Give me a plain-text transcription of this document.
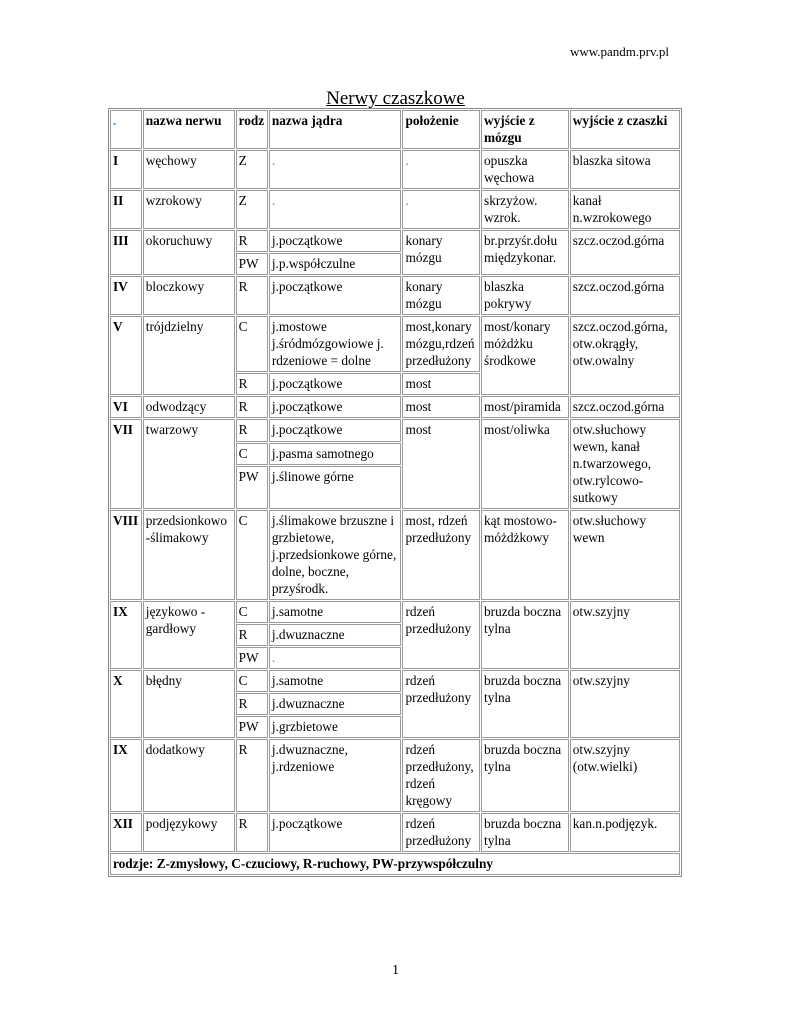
www.pandm.prv.pl
Nerwy czaszkowe
.	nazwa nerwu	rodz	nazwa jądra	położenie	wyjście z mózgu	wyjście z czaszki
I	węchowy	Z	.	.	opuszka węchowa	blaszka sitowa
II	wzrokowy	Z	.	.	skrzyżow. wzrok.	kanał n.wzrokowego
III	okoruchuwy	R	j.początkowe	konary mózgu	br.przyśr.dołu międzykonar.	szcz.oczod.górna
		PW	j.p.współczulne			
IV	bloczkowy	R	j.początkowe	konary mózgu	blaszka pokrywy	szcz.oczod.górna
V	trójdzielny	C	j.mostowe j.śródmózgowiowe j. rdzeniowe = dolne	most,konary mózgu,rdzeń przedłużony	most/konary móżdżku środkowe	szcz.oczod.górna, otw.okrągły, otw.owalny
		R	j.początkowe	most		
VI	odwodzący	R	j.początkowe	most	most/piramida	szcz.oczod.górna
VII	twarzowy	R	j.początkowe	most	most/oliwka	otw.słuchowy wewn, kanał n.twarzowego, otw.rylcowo-sutkowy
		C	j.pasma samotnego			
		PW	j.ślinowe górne			
VIII	przedsionkowo -ślimakowy	C	j.ślimakowe brzuszne i grzbietowe, j.przedsionkowe górne, dolne, boczne, przyśrodk.	most, rdzeń przedłużony	kąt mostowo-móżdżkowy	otw.słuchowy wewn
IX	językowo - gardłowy	C	j.samotne	rdzeń przedłużony	bruzda boczna tylna	otw.szyjny
		R	j.dwuznaczne			
		PW	.			
X	błędny	C	j.samotne	rdzeń przedłużony	bruzda boczna tylna	otw.szyjny
		R	j.dwuznaczne			
		PW	j.grzbietowe			
IX	dodatkowy	R	j.dwuznaczne, j.rdzeniowe	rdzeń przedłużony, rdzeń kręgowy	bruzda boczna tylna	otw.szyjny (otw.wielki)
XII	podjęzykowy	R	j.początkowe	rdzeń przedłużony	bruzda boczna tylna	kan.n.podjęzyk.
rodzje: Z-zmysłowy, C-czuciowy, R-ruchowy, PW-przywspółczulny						
1
